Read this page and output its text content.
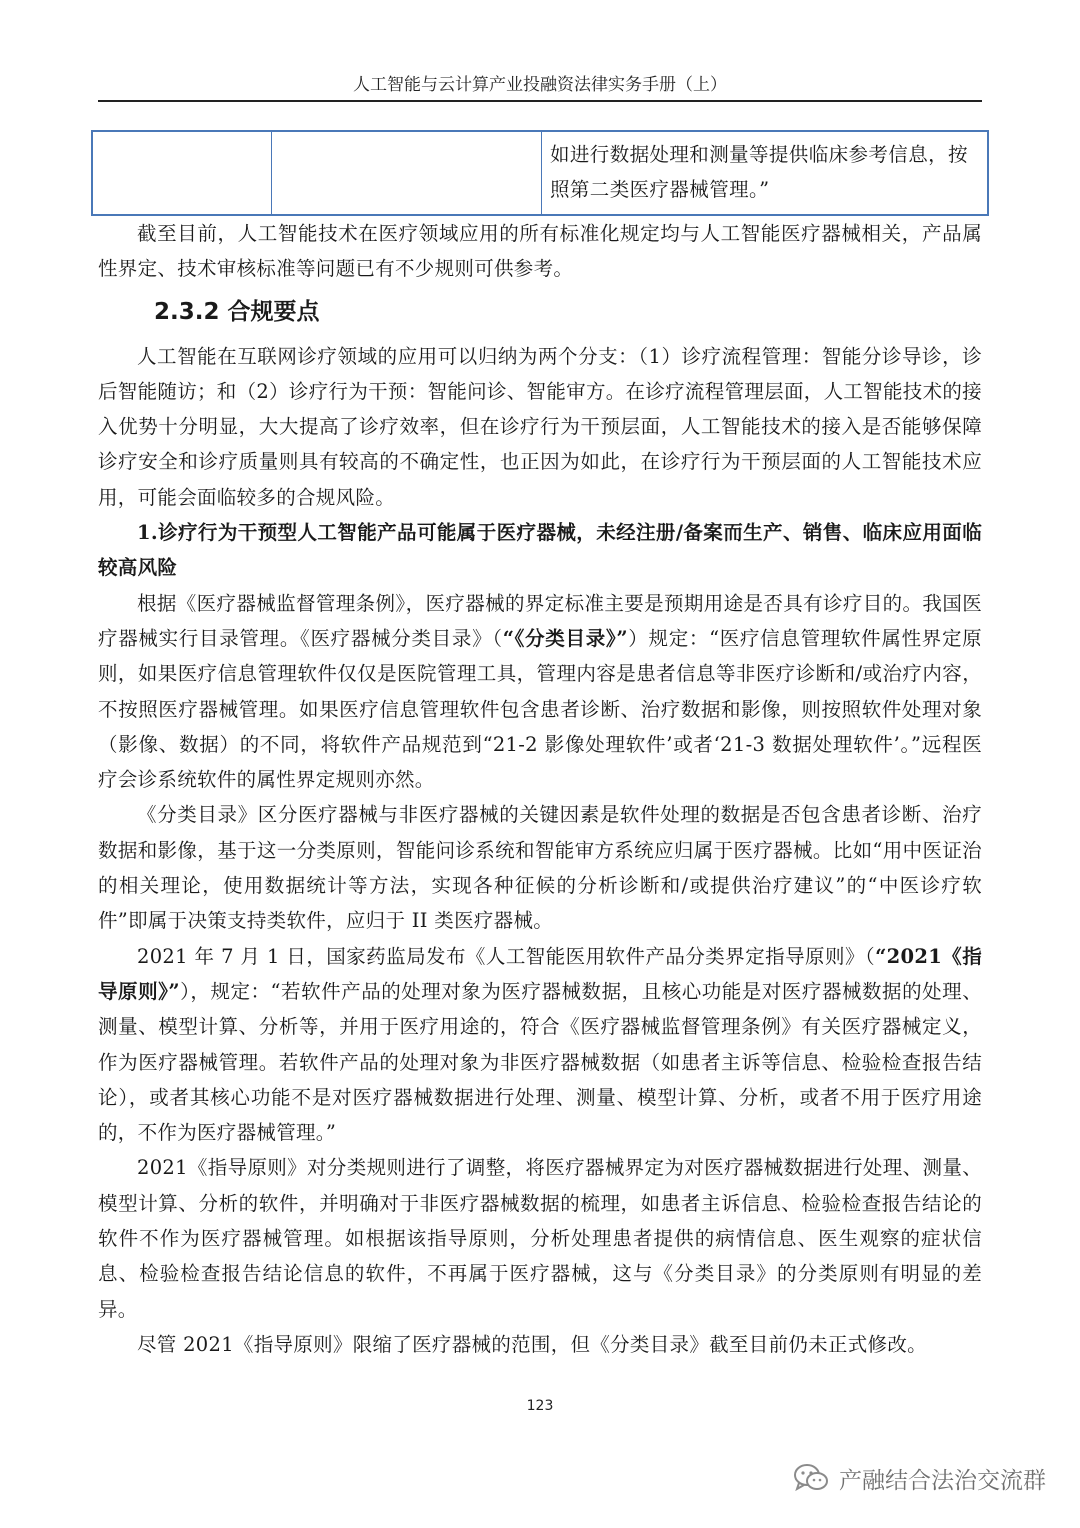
人工智能与云计算产业投融资法律实务手册（上）
如进行数据处理和测量等提供临床参考信息，按照第二类医疗器械管理。”

截至目前，人工智能技术在医疗领域应用的所有标准化规定均与人工智能医疗器械相关，产品属性界定、技术审核标准等问题已有不少规则可供参考。

2.3.2 合规要点

人工智能在互联网诊疗领域的应用可以归纳为两个分支：（1）诊疗流程管理：智能分诊导诊，诊后智能随访；和（2）诊疗行为干预：智能问诊、智能审方。在诊疗流程管理层面，人工智能技术的接入优势十分明显，大大提高了诊疗效率，但在诊疗行为干预层面，人工智能技术的接入是否能够保障诊疗安全和诊疗质量则具有较高的不确定性，也正因为如此，在诊疗行为干预层面的人工智能技术应用，可能会面临较多的合规风险。

1.诊疗行为干预型人工智能产品可能属于医疗器械，未经注册/备案而生产、销售、临床应用面临较高风险

根据《医疗器械监督管理条例》，医疗器械的界定标准主要是预期用途是否具有诊疗目的。我国医疗器械实行目录管理。《医疗器械分类目录》（“《分类目录》”）规定：“医疗信息管理软件属性界定原则，如果医疗信息管理软件仅仅是医院管理工具，管理内容是患者信息等非医疗诊断和/或治疗内容，不按照医疗器械管理。如果医疗信息管理软件包含患者诊断、治疗数据和影像，则按照软件处理对象（影像、数据）的不同，将软件产品规范到“21-2 影像处理软件’或者‘21-3 数据处理软件’。”远程医疗会诊系统软件的属性界定规则亦然。

《分类目录》区分医疗器械与非医疗器械的关键因素是软件处理的数据是否包含患者诊断、治疗数据和影像，基于这一分类原则，智能问诊系统和智能审方系统应归属于医疗器械。比如“用中医证治的相关理论，使用数据统计等方法，实现各种征候的分析诊断和/或提供治疗建议”的“中医诊疗软件”即属于决策支持类软件，应归于 II 类医疗器械。

2021 年 7 月 1 日，国家药监局发布《人工智能医用软件产品分类界定指导原则》（“2021《指导原则》”），规定：“若软件产品的处理对象为医疗器械数据，且核心功能是对医疗器械数据的处理、测量、模型计算、分析等，并用于医疗用途的，符合《医疗器械监督管理条例》有关医疗器械定义，作为医疗器械管理。若软件产品的处理对象为非医疗器械数据（如患者主诉等信息、检验检查报告结论），或者其核心功能不是对医疗器械数据进行处理、测量、模型计算、分析，或者不用于医疗用途的，不作为医疗器械管理。”

2021《指导原则》对分类规则进行了调整，将医疗器械界定为对医疗器械数据进行处理、测量、模型计算、分析的软件，并明确对于非医疗器械数据的梳理，如患者主诉信息、检验检查报告结论的软件不作为医疗器械管理。如根据该指导原则，分析处理患者提供的病情信息、医生观察的症状信息、检验检查报告结论信息的软件，不再属于医疗器械，这与《分类目录》的分类原则有明显的差异。

尽管 2021《指导原则》限缩了医疗器械的范围，但《分类目录》截至目前仍未正式修改。

123
产融结合法治交流群
